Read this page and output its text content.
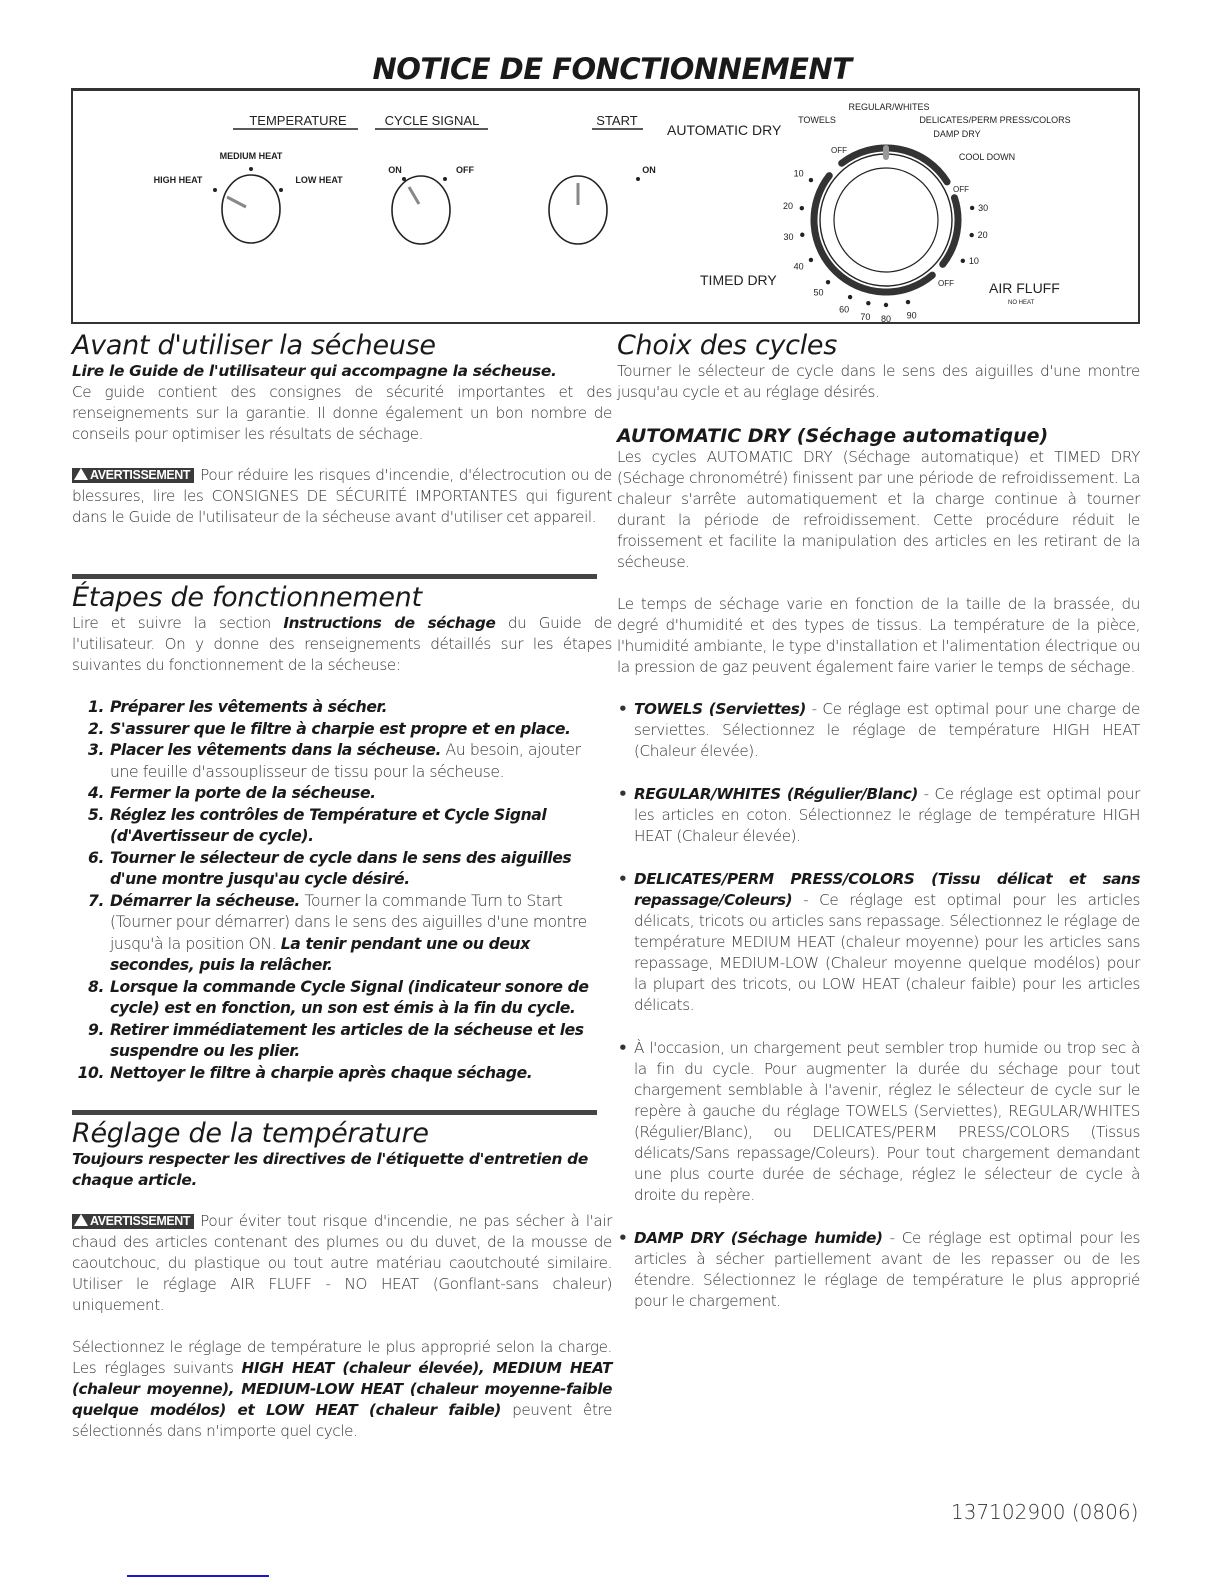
NOTICE DE FONCTIONNEMENT
TEMPERATURE
MEDIUM HEAT
HIGH HEAT	LOW HEAT
CYCLE SIGNAL
ON	OFF
START
ON
AUTOMATIC DRY
TIMED DRY	AIR FLUFF
NO HEAT
REGULAR/WHITES
TOWELS	DELICATES/PERM PRESS/COLORS
DAMP DRY
COOL DOWN
OFF
OFF
OFF
10
20
30
40
50
60
70 80 90
30
20
10
Avant d'utiliser la sécheuse

Lire le Guide de l'utilisateur qui accompagne la sécheuse.

Ce guide contient des consignes de sécurité importantes et des renseignements sur la garantie. Il donne également un bon nombre de conseils pour optimiser les résultats de séchage.

AVERTISSEMENT Pour réduire les risques d'incendie, d'électrocution ou de blessures, lire les CONSIGNES DE SÉCURITÉ IMPORTANTES qui figurent dans le Guide de l'utilisateur de la sécheuse avant d'utiliser cet appareil.

Étapes de fonctionnement

Lire et suivre la section Instructions de séchage du Guide de l'utilisateur. On y donne des renseignements détaillés sur les étapes suivantes du fonctionnement de la sécheuse:

1. Préparer les vêtements à sécher.
2. S'assurer que le filtre à charpie est propre et en place.
3. Placer les vêtements dans la sécheuse. Au besoin, ajouter une feuille d'assouplisseur de tissu pour la sécheuse.
4. Fermer la porte de la sécheuse.
5. Réglez les contrôles de Température et Cycle Signal (d'Avertisseur de cycle).
6. Tourner le sélecteur de cycle dans le sens des aiguilles d'une montre jusqu'au cycle désiré.
7. Démarrer la sécheuse. Tourner la commande Turn to Start (Tourner pour démarrer) dans le sens des aiguilles d'une montre jusqu'à la position ON. La tenir pendant une ou deux secondes, puis la relâcher.
8. Lorsque la commande Cycle Signal (indicateur sonore de cycle) est en fonction, un son est émis à la fin du cycle.
9. Retirer immédiatement les articles de la sécheuse et les suspendre ou les plier.
10. Nettoyer le filtre à charpie après chaque séchage.
Réglage de la température

Toujours respecter les directives de l'étiquette d'entretien de chaque article.

AVERTISSEMENT Pour éviter tout risque d'incendie, ne pas sécher à l'air chaud des articles contenant des plumes ou du duvet, de la mousse de caoutchouc, du plastique ou tout autre matériau caoutchouté similaire. Utiliser le réglage AIR FLUFF - NO HEAT (Gonflant-sans chaleur) uniquement.

Sélectionnez le réglage de température le plus approprié selon la charge. Les réglages suivants HIGH HEAT (chaleur élevée), MEDIUM HEAT (chaleur moyenne), MEDIUM-LOW HEAT (chaleur moyenne-faible quelque modélos) et LOW HEAT (chaleur faible) peuvent être sélectionnés dans n'importe quel cycle.

Choix des cycles

Tourner le sélecteur de cycle dans le sens des aiguilles d'une montre jusqu'au cycle et au réglage désirés.

AUTOMATIC DRY (Séchage automatique)

Les cycles AUTOMATIC DRY (Séchage automatique) et TIMED DRY (Séchage chronométré) finissent par une période de refroidissement. La chaleur s'arrête automatiquement et la charge continue à tourner durant la période de refroidissement. Cette procédure réduit le froissement et facilite la manipulation des articles en les retirant de la sécheuse.

Le temps de séchage varie en fonction de la taille de la brassée, du degré d'humidité et des types de tissus. La température de la pièce, l'humidité ambiante, le type d'installation et l'alimentation électrique ou la pression de gaz peuvent également faire varier le temps de séchage.

• TOWELS (Serviettes) - Ce réglage est optimal pour une charge de serviettes. Sélectionnez le réglage de température HIGH HEAT (Chaleur élevée).
• REGULAR/WHITES (Régulier/Blanc) - Ce réglage est optimal pour les articles en coton. Sélectionnez le réglage de température HIGH HEAT (Chaleur élevée).
• DELICATES/PERM PRESS/COLORS (Tissu délicat et sans repassage/Coleurs) - Ce réglage est optimal pour les articles délicats, tricots ou articles sans repassage. Sélectionnez le réglage de température MEDIUM HEAT (chaleur moyenne) pour les articles sans repassage, MEDIUM-LOW (Chaleur moyenne quelque modélos) pour la plupart des tricots, ou LOW HEAT (chaleur faible) pour les articles délicats.
• À l'occasion, un chargement peut sembler trop humide ou trop sec à la fin du cycle. Pour augmenter la durée du séchage pour tout chargement semblable à l'avenir, réglez le sélecteur de cycle sur le repère à gauche du réglage TOWELS (Serviettes), REGULAR/WHITES (Régulier/Blanc), ou DELICATES/PERM PRESS/COLORS (Tissus délicats/Sans repassage/Coleurs). Pour tout chargement demandant une plus courte durée de séchage, réglez le sélecteur de cycle à droite du repère.
• DAMP DRY (Séchage humide) - Ce réglage est optimal pour les articles à sécher partiellement avant de les repasser ou de les étendre. Sélectionnez le réglage de température le plus approprié pour le chargement.
137102900 (0806)
